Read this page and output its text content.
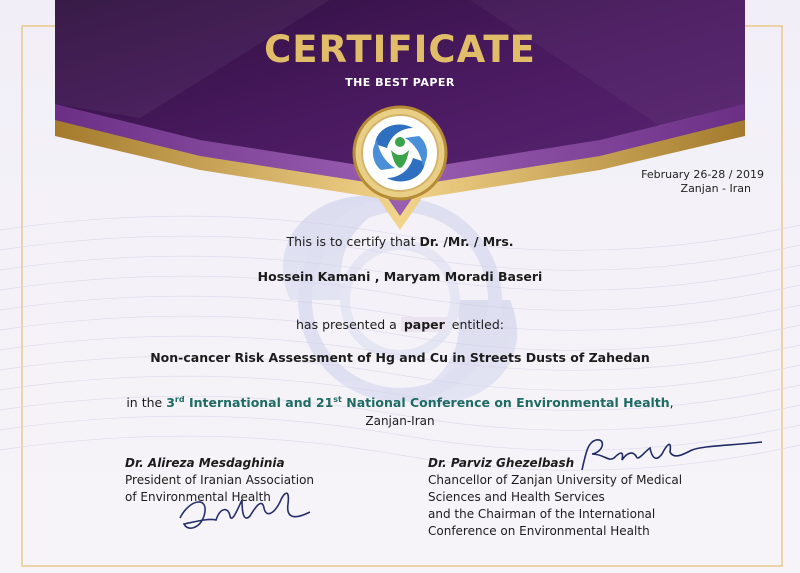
CERTIFICATE
THE BEST PAPER
February 26-28 / 2019
Zanjan - Iran
This is to certify that Dr. /Mr. / Mrs.
Hossein Kamani , Maryam Moradi Baseri
has presented a paper entitled:
Non-cancer Risk Assessment of Hg and Cu in Streets Dusts of Zahedan
in the 3rd International and 21st National Conference on Environmental Health,
Zanjan-Iran
Dr. Alireza Mesdaghinia
President of Iranian Association
of Environmental Health
Dr. Parviz Ghezelbash
Chancellor of Zanjan University of Medical
Sciences and Health Services
and the Chairman of the International
Conference on Environmental Health
